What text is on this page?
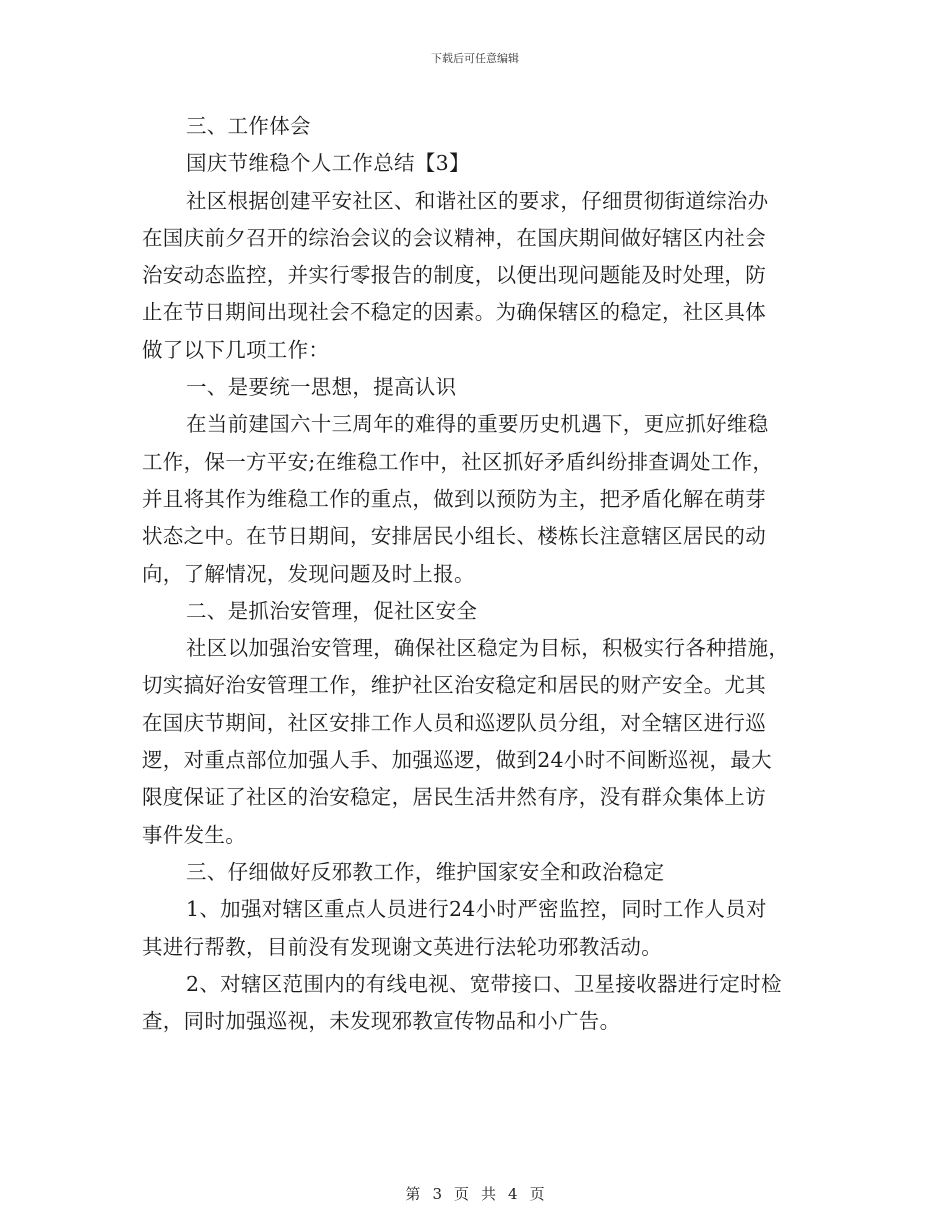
下载后可任意编辑
三、工作体会
国庆节维稳个人工作总结【3】
社区根据创建平安社区、和谐社区的要求，仔细贯彻街道综治办
在国庆前夕召开的综治会议的会议精神，在国庆期间做好辖区内社会
治安动态监控，并实行零报告的制度，以便出现问题能及时处理，防
止在节日期间出现社会不稳定的因素。为确保辖区的稳定，社区具体
做了以下几项工作：
一、是要统一思想，提高认识
在当前建国六十三周年的难得的重要历史机遇下，更应抓好维稳
工作，保一方平安;在维稳工作中，社区抓好矛盾纠纷排查调处工作，
并且将其作为维稳工作的重点，做到以预防为主，把矛盾化解在萌芽
状态之中。在节日期间，安排居民小组长、楼栋长注意辖区居民的动
向，了解情况，发现问题及时上报。
二、是抓治安管理，促社区安全
社区以加强治安管理，确保社区稳定为目标，积极实行各种措施，
切实搞好治安管理工作，维护社区治安稳定和居民的财产安全。尤其
在国庆节期间，社区安排工作人员和巡逻队员分组，对全辖区进行巡
逻，对重点部位加强人手、加强巡逻，做到24小时不间断巡视，最大
限度保证了社区的治安稳定，居民生活井然有序，没有群众集体上访
事件发生。
三、仔细做好反邪教工作，维护国家安全和政治稳定
1、加强对辖区重点人员进行24小时严密监控，同时工作人员对
其进行帮教，目前没有发现谢文英进行法轮功邪教活动。
2、对辖区范围内的有线电视、宽带接口、卫星接收器进行定时检
查，同时加强巡视，未发现邪教宣传物品和小广告。
第 3 页 共 4 页
